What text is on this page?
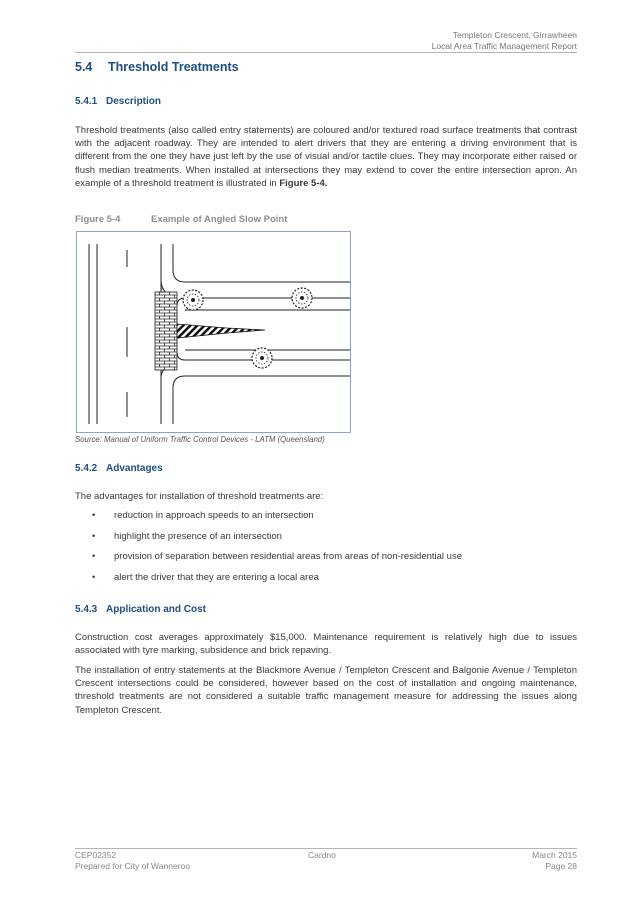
Templeton Crescent, Girrawheen
Local Area Traffic Management Report
5.4 Threshold Treatments
5.4.1 Description

Threshold treatments (also called entry statements) are coloured and/or textured road surface treatments that contrast with the adjacent roadway. They are intended to alert drivers that they are entering a driving environment that is different from the one they have just left by the use of visual and/or tactile clues. They may incorporate either raised or flush median treatments. When installed at intersections they may extend to cover the entire intersection apron. An example of a threshold treatment is illustrated in Figure 5-4.

Figure 5-4	Example of Angled Slow Point
Source: Manual of Uniform Traffic Control Devices - LATM (Queensland)
5.4.2 Advantages

The advantages for installation of threshold treatments are:

• reduction in approach speeds to an intersection
• highlight the presence of an intersection
• provision of separation between residential areas from areas of non-residential use
• alert the driver that they are entering a local area
5.4.3 Application and Cost

Construction cost averages approximately $15,000. Maintenance requirement is relatively high due to issues associated with tyre marking, subsidence and brick repaving.

The installation of entry statements at the Blackmore Avenue / Templeton Crescent and Balgonie Avenue / Templeton Crescent intersections could be considered, however based on the cost of installation and ongoing maintenance, threshold treatments are not considered a suitable traffic management measure for addressing the issues along Templeton Crescent.

CEP02352
Prepared for City of Wanneroo
Cardno	March 2015
Page 28
